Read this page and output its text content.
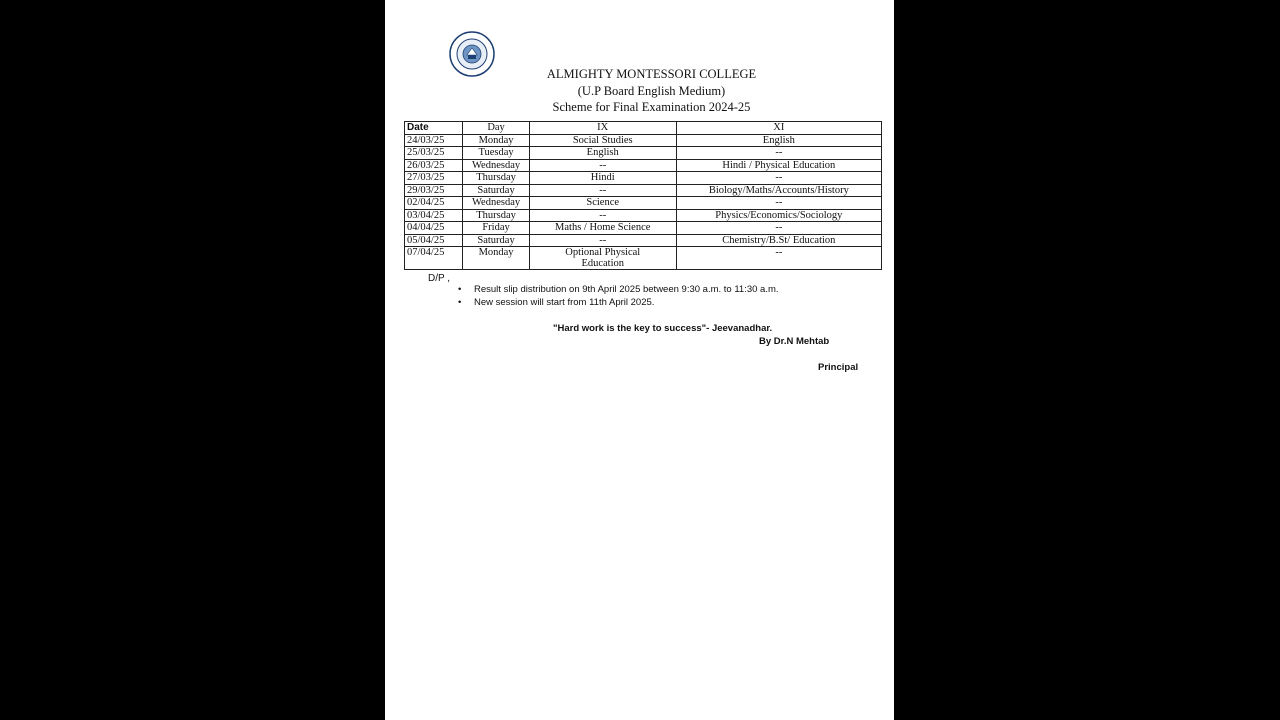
ALMIGHTY MONTESSORI COLLEGE
(U.P Board English Medium)
Scheme for Final Examination 2024-25
Date	Day	IX	XI
24/03/25	Monday	Social Studies	English
25/03/25	Tuesday	English	--
26/03/25	Wednesday	--	Hindi / Physical Education
27/03/25	Thursday	Hindi	--
29/03/25	Saturday	--	Biology/Maths/Accounts/History
02/04/25	Wednesday	Science	--
03/04/25	Thursday	--	Physics/Economics/Sociology
04/04/25	Friday	Maths / Home Science	--
05/04/25	Saturday	--	Chemistry/B.St/ Education
07/04/25	Monday	Optional Physical Education	--
D/P ,
• Result slip distribution on 9th April 2025 between 9:30 a.m. to 11:30 a.m.
• New session will start from 11th April 2025.
"Hard work is the key to success"- Jeevanadhar.
By Dr.N Mehtab
Principal
